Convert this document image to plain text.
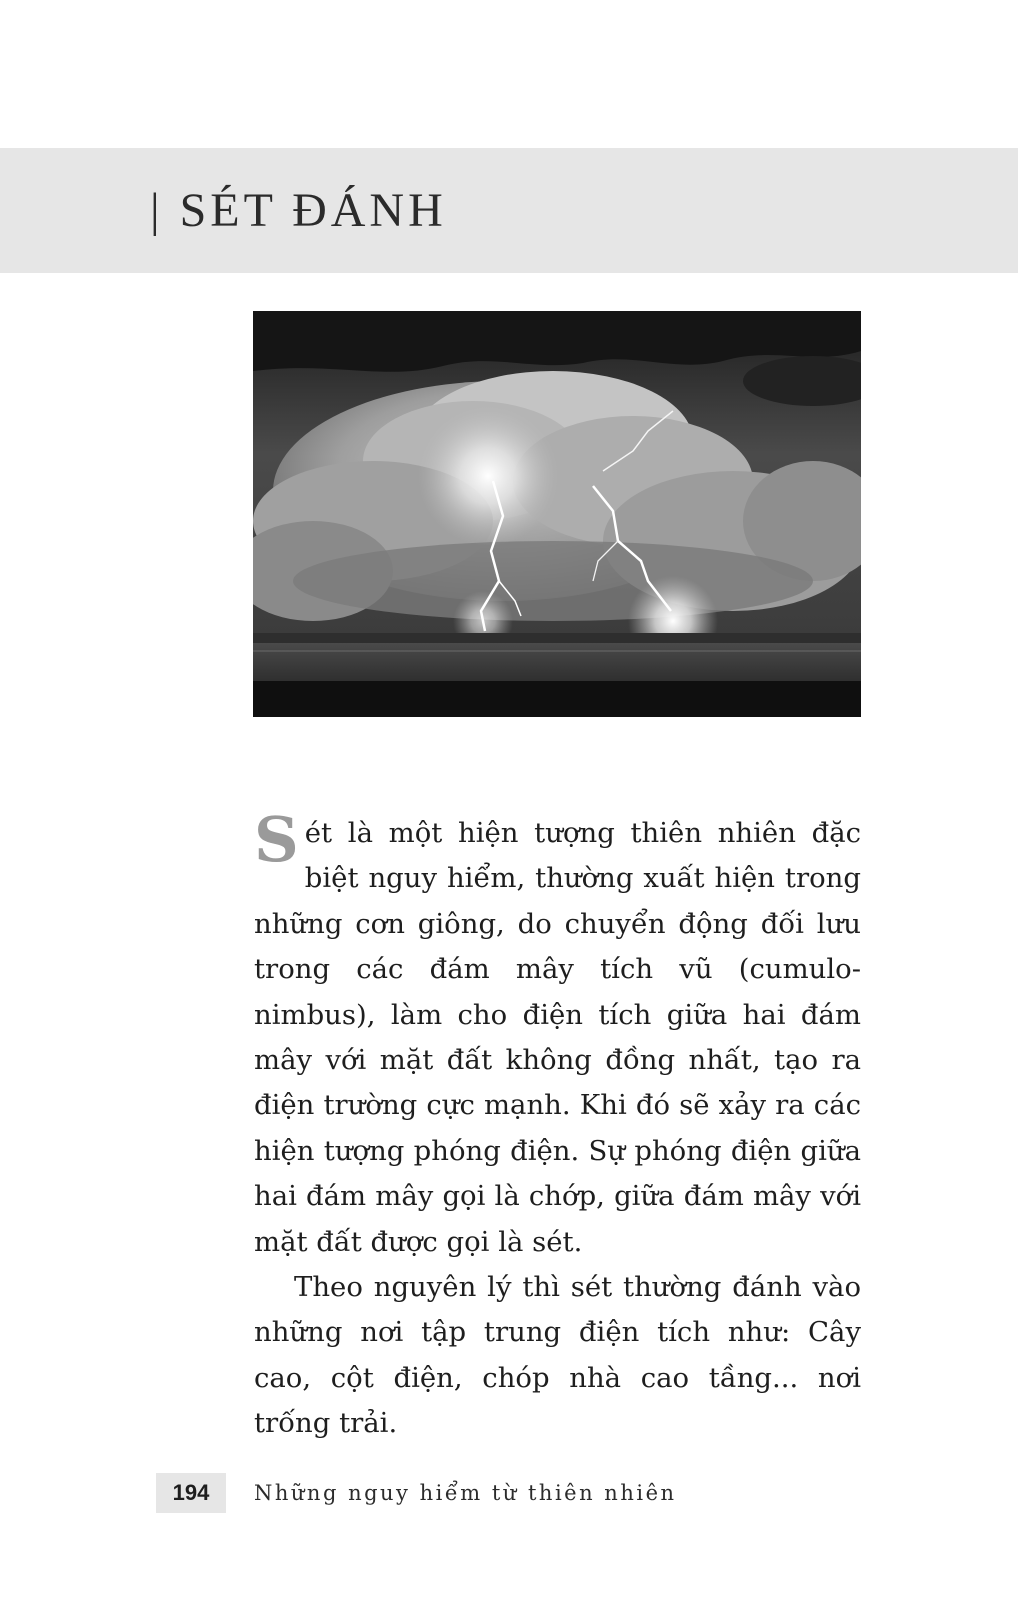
| SÉT ĐÁNH

Sét là một hiện tượng thiên nhiên đặc biệt nguy hiểm, thường xuất hiện trong những cơn giông, do chuyển động đối lưu trong các đám mây tích vũ (cumulo-nimbus), làm cho điện tích giữa hai đám mây với mặt đất không đồng nhất, tạo ra điện trường cực mạnh. Khi đó sẽ xảy ra các hiện tượng phóng điện. Sự phóng điện giữa hai đám mây gọi là chớp, giữa đám mây với mặt đất được gọi là sét.

Theo nguyên lý thì sét thường đánh vào những nơi tập trung điện tích như: Cây cao, cột điện, chóp nhà cao tầng... nơi trống trải.

194	Những nguy hiểm từ thiên nhiên
